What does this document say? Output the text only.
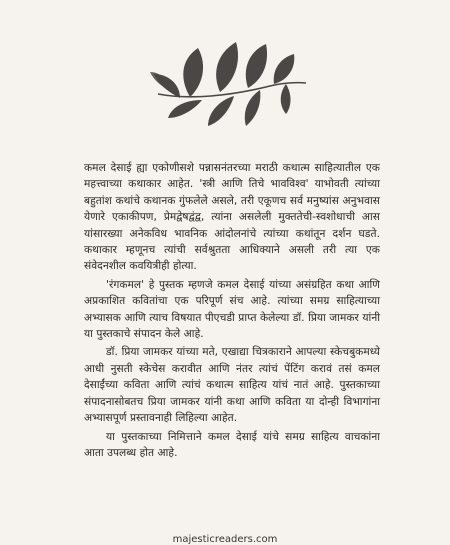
कमल देसाई ह्या एकोणीसशे पन्नासनंतरच्या मराठी कथात्म साहित्यातील एक महत्त्वाच्या कथाकार आहेत. 'स्त्री आणि तिचे भावविश्व' याभोवती त्यांच्या बहुतांश कथांचे कथानक गुंफलेले असले, तरी एकूणच सर्व मनुष्यांस अनुभवास येणारे एकाकीपण, प्रेमद्वेषद्वंद्व, त्यांना असलेली मुक्ततेची-स्वशोधाची आस यांसारख्या अनेकविध भावनिक आंदोलनांचे त्यांच्या कथांतून दर्शन घडते. कथाकार म्हणूनच त्यांची सर्वश्रुतता आधिक्याने असली तरी त्या एक संवेदनशील कवयित्रीही होत्या.

'रंगकमल' हे पुस्तक म्हणजे कमल देसाई यांच्या असंग्रहित कथा आणि अप्रकाशित कवितांचा एक परिपूर्ण संच आहे. त्यांच्या समग्र साहित्याच्या अभ्यासक आणि त्याच विषयात पीएचडी प्राप्त केलेल्या डॉ. प्रिया जामकर यांनी या पुस्तकाचे संपादन केले आहे.

डॉ. प्रिया जामकर यांच्या मते, एखाद्या चित्रकाराने आपल्या स्केचबुकमध्ये आधी नुसती स्केचेस करावीत आणि नंतर त्यांचं पेंटिंग करावं तसं कमल देसाईंच्या कविता आणि त्यांचं कथात्म साहित्य यांचं नातं आहे. पुस्तकाच्या संपादनासोबतच प्रिया जामकर यांनी कथा आणि कविता या दोन्ही विभागांना अभ्यासपूर्ण प्रस्तावनाही लिहिल्या आहेत.

या पुस्तकाच्या निमित्ताने कमल देसाई यांचे समग्र साहित्य वाचकांना आता उपलब्ध होत आहे.

majesticreaders.com
